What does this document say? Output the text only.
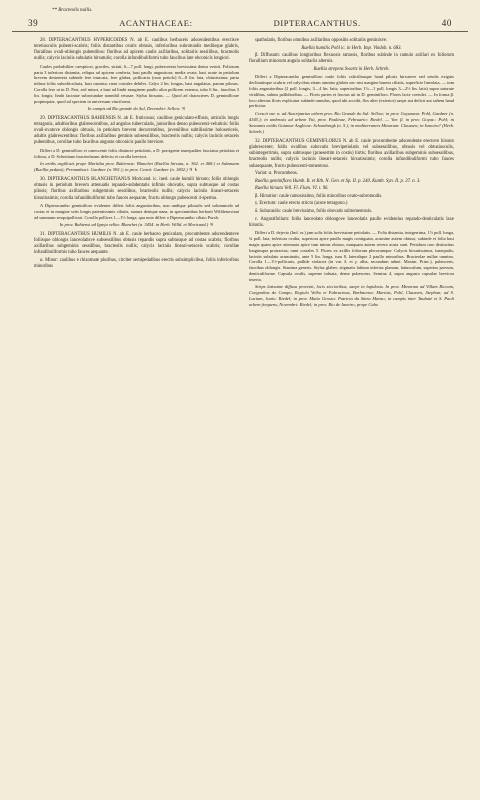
** Bracteolis nullis.
39	ACANTHACEAE:	DIPTERACANTHUS.	40

28. DIPTERACANTHUS HYPERICOIDES N. ab E. caulibus herbaceis adscendentibus erectisve teretiusculis pubenti-scabris; foliis distantibus ovatis obtusis, inferioribus subrotundis mediisque glabris, floralibus ovali-oblongis pubentibus: floribus ad apicem caulis axillaribus, solitariis sessilibus, bracteolis nullis; calycis laciniis subulatis hirsutulis; corolla infundibuliformi tubo faucibus late obconicis longiori.

Caules probabiliter caespitosi, graciles, striati, 6—7 poll. longi, pubescentia brevissima densa vestiti. Foliorum paria 3 inferiora distantia, reliqua ad apicem conferta, basi paullo angustiora; media ovata, basi acute in petiolum brevem desinentia subinde fere truncata, fere glabra, pollicaria (cum petiolo) 6—8 lin. lata, obtusissima; paria infima foliis suborbicularia, basi cuneata; rami costales debiles. Calyx 2 lin. longus, basi angulatus, parum pilosus. Corolla fere ut in D. Pari, sed minor, a basi ad limbi marginem paullo ultra pollicem extensa, tubo 6 lin., faucibus 3 lin. longis; limbi laciniae subrotundae nonnihil retusae. Stylus hirsutus. — Quod ad characteres D. geminiflorae propinquior, quod ad speciem in universum vinciformi.

In campis ad Rio grande do Sul, Decembri: Sellow. ♃

29. DIPTERACANTHUS BAHIENSIS N. ab E. fruticosus; caulibus geniculato-effusis, articulis longis tetragonis, adultioribus glabrescentibus, ad angulos tuberculatis, junioribus denso pubescenti-velutinis: foliis ovali-ovatove oblongis obtusis, in petiolum brevem decurrentibus, juvenilibus subtilissime holosericeis, adultis glabrescentibus: floribus axillaribus geminis subsessilibus, bracteolis nullis; calycis laciniis setaceis pubentibus, corollae tubo faucibus angusto obconicis paullo breviore.

Differt a D. geminifloro et canescente foliis distincte petiolatis, a D. porrigente inaequaliter fasciatus petiolata et foliosa, a D. Schottiano bracteolarum defectu et corolla breviori.

In aridis argillosis prope Maritiba prov. Bahiensis: Blanchet (Ruellia hirsuta, n. 362. et 468.) et Salzmann (Ruellia pedata); Pernambuci: Gardner (n. 961.); in prov. Ceará: Gardner (n. 1802.) ♃ ♄

30. DIPTERACANTHUS BLANCHETIANUS Moricand. ic. ined. caule humili hirsuto; foliis oblongis obtusis in petiolum brevem attenuatis repando-subdentatis infimis obovatis, supra subtusque ad costas pilosis; floribus axillaribus subgeminis sessilibus, bracteolis nullis; calycis laciniis lineari-setaceis hirsutissimis; corolla infundibuliformi tubo fauces aequante, fructu oblongo pubescenti 4-sperma.

A Dipteracantho geminifloro evidenter differt foliis angustioribus, non undique pilosulis sed solummodo ad costas et in margine setis longis patentissimis ciliatis, statura denique nana, in speciminibus herbarii Willdenoviani ad summum sesquipollicari. Corolla pollices 1—1½ longa, qua nota differt a Dipteracantho ciliato Pursh.

In prov. Bahiensi ad Igreja velha: Blanchet (n. 3454. in Herb. Willd. et Moricand.) ♃

31. DIPTERACANTHUS HUMILIS N. ab E. caule herbaceo geniculato, procumbente adscendenteve foliisque oblongis lanceolatisve subsessilibus obtusis repandis supra subtusque ad costas scabris; floribus axillaribus subgeminis sessilibus, bracteolis nullis; calycis laciniis lineari-setaceis scabris; corollae infundibuliformis tubo fauces aequante.

α. Minor: caulibus e rhizomate pluribus, circiter semipedalibus erectis subsimplicibus, foliis inferioribus minoribus

spathulatis, floribus omnibus axillaribus oppositis solitariis geminisve.

Ruellia humilis Pohl ic. in Herb. Imp. Vindob. n. 683.

β. Diffusum: caulibus longioribus flexuosis ramosis, floribus subinde in ramulo axillari ex foliorum florallium minorum angulo solitariis alternis.

Ruellia strepens Swartz in Herb. Schreb.

Differt a Dipteracantho geminifloro caule foliis caliciibusque haud pilosis hirsutove sed setulis exiguis declinatisque scabris vel calycibus etiam omnino glabris nec nisi margine basem ciliatis, superficie lineolata, — tum foliis angustioribus (2 poll. longis, 3—4 lin. latis; superioribus 1½—1 poll. longis 3—2½ lin. latis) supra saturate viridibus, subtus pallidioribus. — Floris partes et fructus uti in D. geminifloro. Flores lacte coerulei. — In forma β. loco alterius floris explicatur subinde ramulus, quod ubi accidit, flos alter (exterior) saepe aut deficit aut saltem haud perficitur.

Crescit var. α. ad Atacripartus urbem prov. Rio Grande do Sul: Sellow; in prov. Goyazana: Pohl, Gardner (n. 4345.); in umbrosis ad urbem Ytú, prov. Paulinae, Februario: Riedel. — Var. β. in prov. Goyaz.: Pohl; in Savannis aridis Guianae Anglicae: Schomburgk (n. 5.); in mediterraneis Minarum: Claussen; in Ismoiru? (Herb. Schreb.)

32. DIPTERACANTHUS GEMINIFLORUS N. ab E. caule procumbente adscendente erectove hirsuto glabrescente; foliis ovalibus subovatis brevipetiolatis vel subsessilibus, obtusis vel obtusiusculis, subintegerrimis, supra subtusque (praesertim in costis) hirtis; floribus axillaribus subgeminis subsessilibus, bracteolis nullis; calycis laciniis lineari-setaceis hirsutissimis; corolla infundibuliformi tubo fauces subaequante, fructu pubescenti-tomentoso.

Variat: α. Procumbens.

Ruellia geminiflora Humb. B. et Kth. N. Gen. et Sp. II. p. 240. Kunth. Syn. II. p. 37. n. 3.

Ruellia hirsuta Vell. Fl. Flum. VI. t. 96.

β. Hirsutior: caule ramosissimo, foliis minoribus ovato-subrotundis.

γ. Erectum: caule erecto stricto (acute tetragono.)

δ. Subacaulis: caule brevissimo, foliis obovatis subtomentosis.

ε. Angustifolium: foliis lanceolato oblongove lanceolatis paullo evidentius repando-denticulatis laxe hirsutis.

Differt a D. dejecto (Ind. or.) jam solis foliis brevissime petiolatis. — Folia distantia, integerrima, 1½ poll. longa, ¾ poll. lata; inferiora ovalia, superiora apice paullo magis contiguata, acumine autem obtuso; subinde et folia basi magis quam apice attenuata apice tum minus obtuso, nunquam autem revera acuta sunt. Petiolum raro distinctius longiusque protractus; rami costales 5. Flores ex axillis foliorum plerorumque. Calycis hirsutissimus, inaequalis, laciniis subulato acuminatis, ante 5 lin. longa, tum 8, lateralique 2 paullo minoribus. Bracteolae nullae omnino. Corolla 1—1½-pollicaris, pallide violacea (in var. δ. et γ. alba, secundum adnot. Maxim. Princ.), pubescens, faucibus oblongis. Stamina generis. Stylus glaber; stigmatis labium inferius planum, latiusculum, superius parvum, denticuliforme. Capsula ovalis, superne infuata, dense pubescens. Semina 4, supra angusto capsulae breviora inserta.

Stirps latissime diffusa provenit, locis siccioribus, saepe in lapidosis. In prov. Minarum ad Villam Riccam, Congonhas do Campo, Regiolo Velho et Fabrucinas, Barbacena: Martius, Pohl, Claussen, Stephan; ad S. Luciam, Junio: Riedel; in prov. Matto Grosso: Patricia da Sütra Manso; in campis inter Taubaté et S. Paoli urbem frequens, Novembri: Riedel; in prov. Rio de Janeiro, prope Cabo
